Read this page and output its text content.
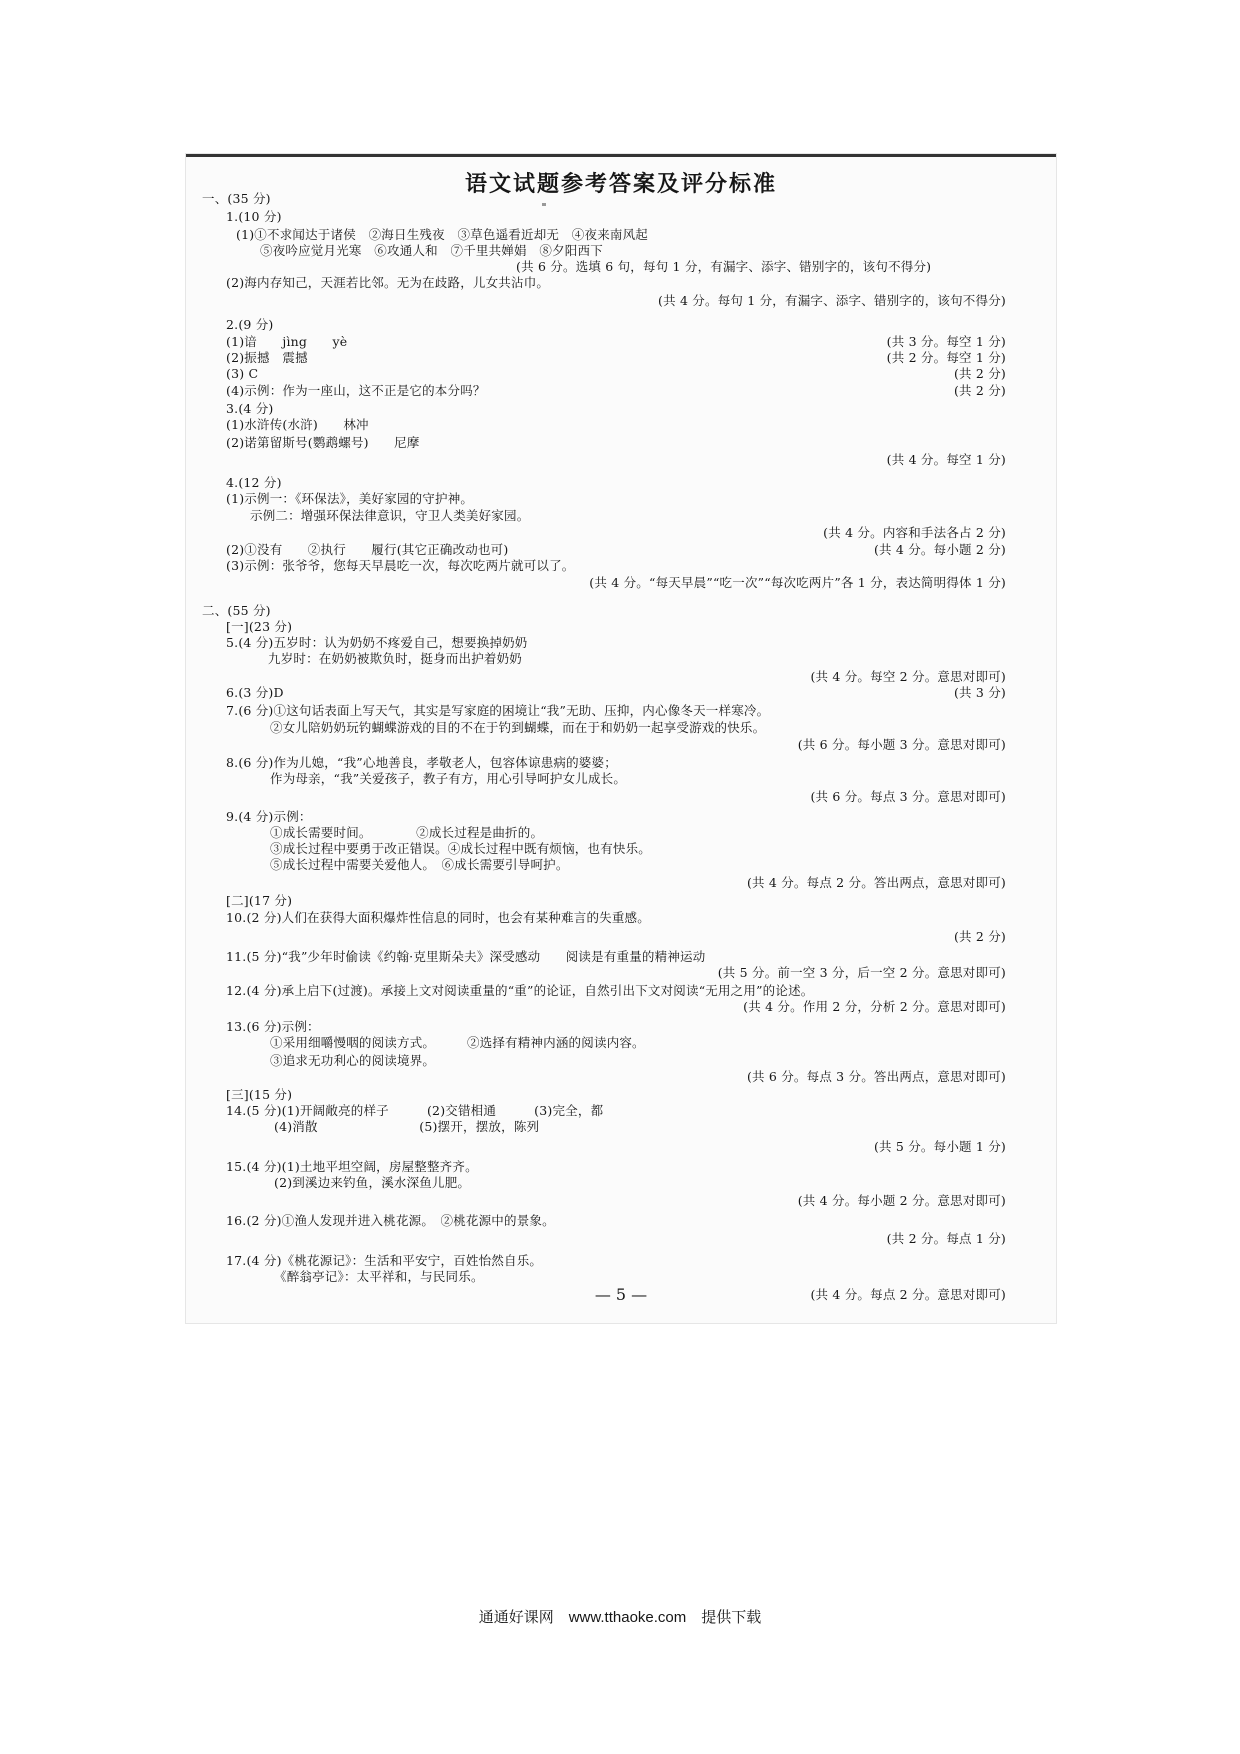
语文试题参考答案及评分标准
一、(35 分)
1.(10 分)
(1)①不求闻达于诸侯　②海日生残夜　③草色遥看近却无　④夜来南风起
⑤夜吟应觉月光寒　⑥攻通人和　⑦千里共婵娟　⑧夕阳西下
(共 6 分。选填 6 句，每句 1 分，有漏字、添字、错别字的，该句不得分)
(2)海内存知己，天涯若比邻。无为在歧路，儿女共沾巾。
(共 4 分。每句 1 分，有漏字、添字、错别字的，该句不得分)
2.(9 分)
(1)谙　　jìng　　yè	(共 3 分。每空 1 分)
(2)振撼　震撼	(共 2 分。每空 1 分)
(3) C	(共 2 分)
(4)示例：作为一座山，这不正是它的本分吗？	(共 2 分)
3.(4 分)
(1)水浒传(水浒)　　林冲
(2)诺第留斯号(鹦鹉螺号)　　尼摩
(共 4 分。每空 1 分)
4.(12 分)
(1)示例一：《环保法》，美好家园的守护神。
示例二：增强环保法律意识，守卫人类美好家园。
(共 4 分。内容和手法各占 2 分)
(2)①没有　　②执行　　履行(其它正确改动也可)	(共 4 分。每小题 2 分)
(3)示例：张爷爷，您每天早晨吃一次，每次吃两片就可以了。
(共 4 分。“每天早晨”“吃一次”“每次吃两片”各 1 分，表达简明得体 1 分)
二、(55 分)
[一](23 分)
5.(4 分)五岁时：认为奶奶不疼爱自己，想要换掉奶奶
九岁时：在奶奶被欺负时，挺身而出护着奶奶
(共 4 分。每空 2 分。意思对即可)
6.(3 分)D	(共 3 分)
7.(6 分)①这句话表面上写天气，其实是写家庭的困境让“我”无助、压抑，内心像冬天一样寒冷。
②女儿陪奶奶玩钓蝴蝶游戏的目的不在于钓到蝴蝶，而在于和奶奶一起享受游戏的快乐。
(共 6 分。每小题 3 分。意思对即可)
8.(6 分)作为儿媳，“我”心地善良，孝敬老人，包容体谅患病的婆婆；
作为母亲，“我”关爱孩子，教子有方，用心引导呵护女儿成长。
(共 6 分。每点 3 分。意思对即可)
9.(4 分)示例：
①成长需要时间。　　　　②成长过程是曲折的。
③成长过程中要勇于改正错误。④成长过程中既有烦恼，也有快乐。
⑤成长过程中需要关爱他人。　⑥成长需要引导呵护。
(共 4 分。每点 2 分。答出两点，意思对即可)
[二](17 分)
10.(2 分)人们在获得大面积爆炸性信息的同时，也会有某种难言的失重感。
(共 2 分)
11.(5 分)“我”少年时偷读《约翰·克里斯朵夫》深受感动　　阅读是有重量的精神运动
(共 5 分。前一空 3 分，后一空 2 分。意思对即可)
12.(4 分)承上启下(过渡)。承接上文对阅读重量的“重”的论证，自然引出下文对阅读“无用之用”的论述。
(共 4 分。作用 2 分，分析 2 分。意思对即可)
13.(6 分)示例：
①采用细嚼慢咽的阅读方式。　　　②选择有精神内涵的阅读内容。
③追求无功利心的阅读境界。
(共 6 分。每点 3 分。答出两点，意思对即可)
[三](15 分)
14.(5 分)(1)开阔敞亮的样子　　　(2)交错相通　　　(3)完全，都
(4)消散　　　　　　　　(5)摆开，摆放，陈列
(共 5 分。每小题 1 分)
15.(4 分)(1)土地平坦空阔，房屋整整齐齐。
(2)到溪边来钓鱼，溪水深鱼儿肥。
(共 4 分。每小题 2 分。意思对即可)
16.(2 分)①渔人发现并进入桃花源。　②桃花源中的景象。
(共 2 分。每点 1 分)
17.(4 分)《桃花源记》：生活和平安宁，百姓怡然自乐。
《醉翁亭记》：太平祥和，与民同乐。
(共 4 分。每点 2 分。意思对即可)
— 5 —
通通好课网　www.tthaoke.com　提供下载
